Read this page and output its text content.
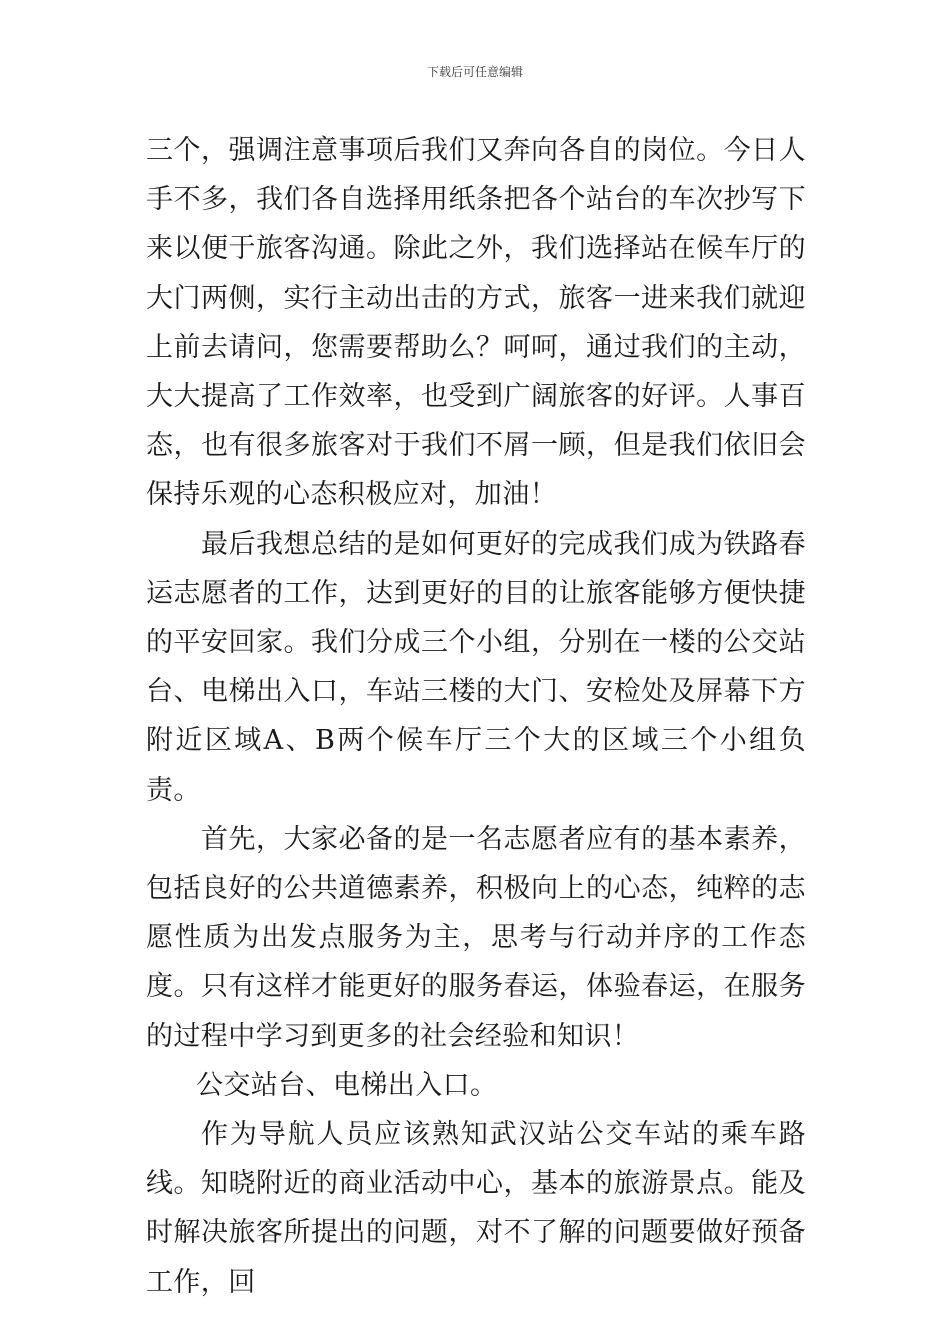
下载后可任意编辑

三个，强调注意事项后我们又奔向各自的岗位。今日人手不多，我们各自选择用纸条把各个站台的车次抄写下来以便于旅客沟通。除此之外，我们选择站在候车厅的大门两侧，实行主动出击的方式，旅客一进来我们就迎上前去请问，您需要帮助么？呵呵，通过我们的主动，大大提高了工作效率，也受到广阔旅客的好评。人事百态，也有很多旅客对于我们不屑一顾，但是我们依旧会保持乐观的心态积极应对，加油！

最后我想总结的是如何更好的完成我们成为铁路春运志愿者的工作，达到更好的目的让旅客能够方便快捷的平安回家。我们分成三个小组，分别在一楼的公交站台、电梯出入口，车站三楼的大门、安检处及屏幕下方附近区域A、B两个候车厅三个大的区域三个小组负责。

首先，大家必备的是一名志愿者应有的基本素养，包括良好的公共道德素养，积极向上的心态，纯粹的志愿性质为出发点服务为主，思考与行动并序的工作态度。只有这样才能更好的服务春运，体验春运，在服务的过程中学习到更多的社会经验和知识！

公交站台、电梯出入口。

作为导航人员应该熟知武汉站公交车站的乘车路线。知晓附近的商业活动中心，基本的旅游景点。能及时解决旅客所提出的问题，对不了解的问题要做好预备工作，回
